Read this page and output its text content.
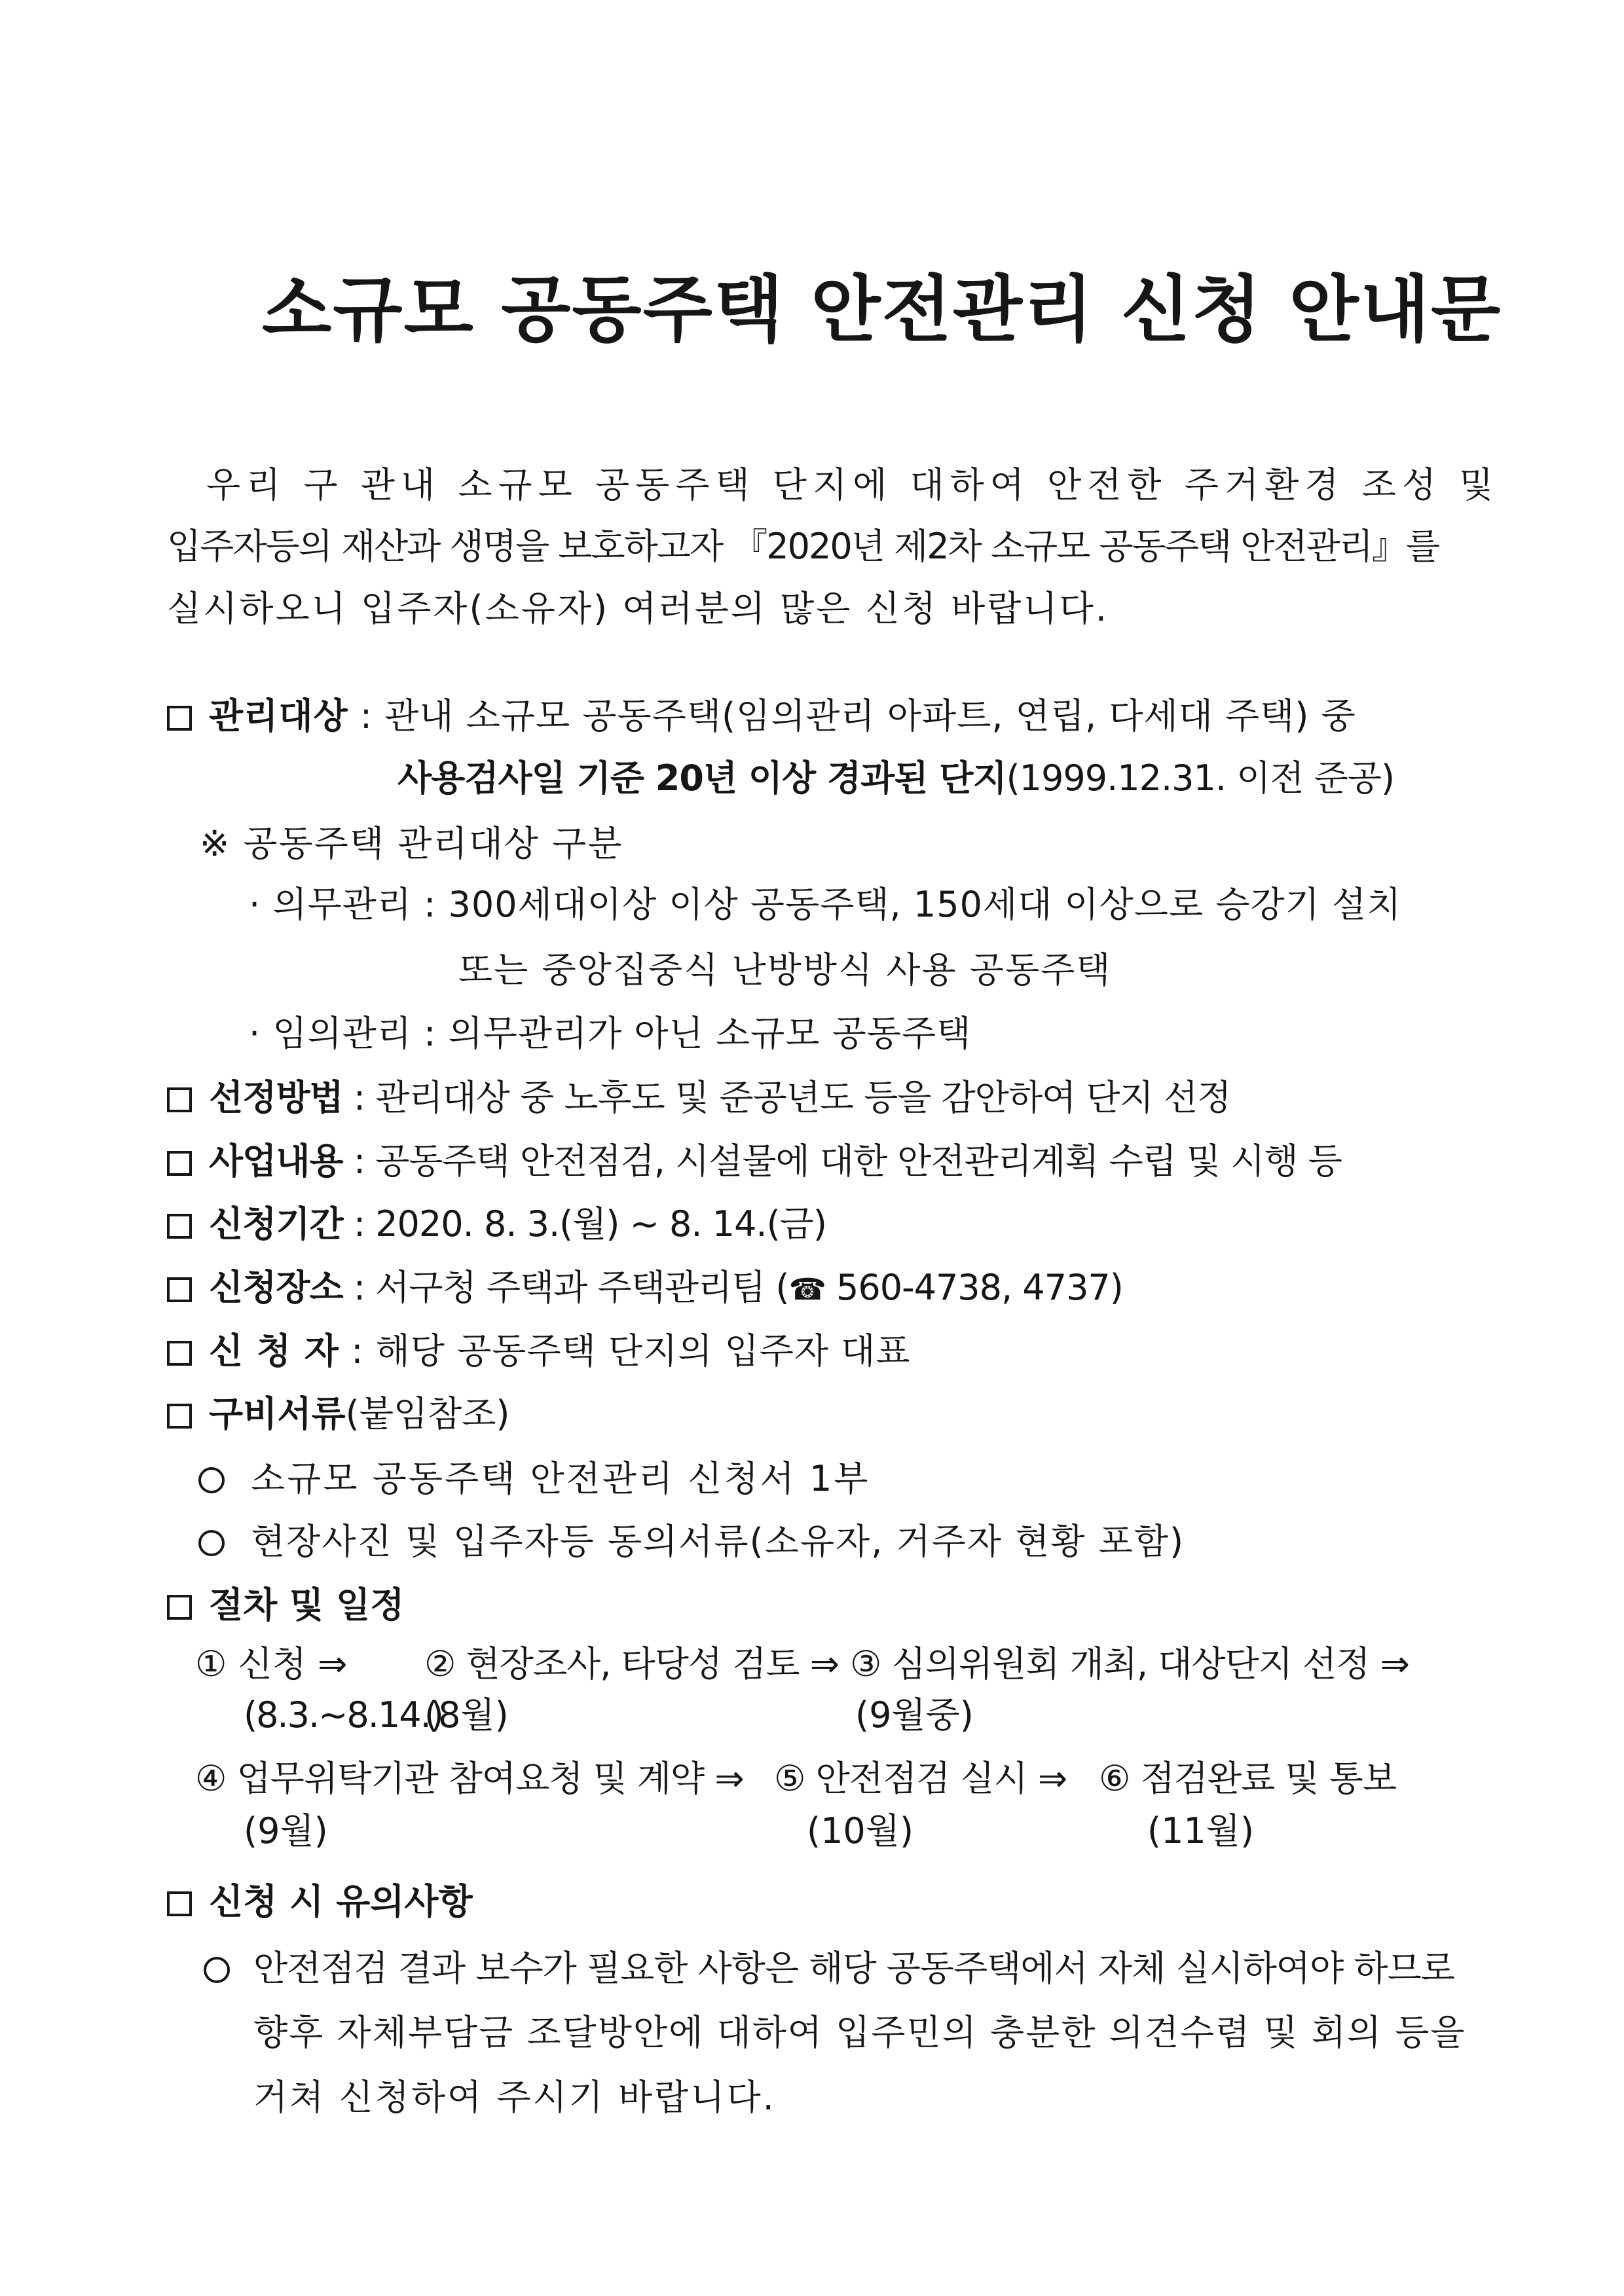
소규모 공동주택 안전관리 신청 안내문
우리 구 관내 소규모 공동주택 단지에 대하여 안전한 주거환경 조성 및
입주자등의 재산과 생명을 보호하고자 『2020년 제2차 소규모 공동주택 안전관리』를
실시하오니 입주자(소유자) 여러분의 많은 신청 바랍니다.
관리대상 : 관내 소규모 공동주택(임의관리 아파트, 연립, 다세대 주택) 중
사용검사일 기준 20년 이상 경과된 단지(1999.12.31. 이전 준공)
※ 공동주택 관리대상 구분
· 의무관리 : 300세대이상 이상 공동주택, 150세대 이상으로 승강기 설치
또는 중앙집중식 난방방식 사용 공동주택
· 임의관리 : 의무관리가 아닌 소규모 공동주택
선정방법 : 관리대상 중 노후도 및 준공년도 등을 감안하여 단지 선정
사업내용 : 공동주택 안전점검, 시설물에 대한 안전관리계획 수립 및 시행 등
신청기간 : 2020. 8. 3.(월) ~ 8. 14.(금)
신청장소 : 서구청 주택과 주택관리팀 (☎ 560-4738, 4737)
신 청 자 : 해당 공동주택 단지의 입주자 대표
구비서류(붙임참조)
소규모 공동주택 안전관리 신청서 1부
현장사진 및 입주자등 동의서류(소유자, 거주자 현황 포함)
절차 및 일정
① 신청 ⇒ ② 현장조사, 타당성 검토 ⇒ ③ 심의위원회 개최, 대상단지 선정 ⇒
(8.3.~8.14.)
(8월)	(9월중)
④ 업무위탁기관 참여요청 및 계약 ⇒ ⑤ 안전점검 실시 ⇒ ⑥ 점검완료 및 통보
(9월)	(10월)	(11월)
신청 시 유의사항
안전점검 결과 보수가 필요한 사항은 해당 공동주택에서 자체 실시하여야 하므로
향후 자체부담금 조달방안에 대하여 입주민의 충분한 의견수렴 및 회의 등을
거쳐 신청하여 주시기 바랍니다.
